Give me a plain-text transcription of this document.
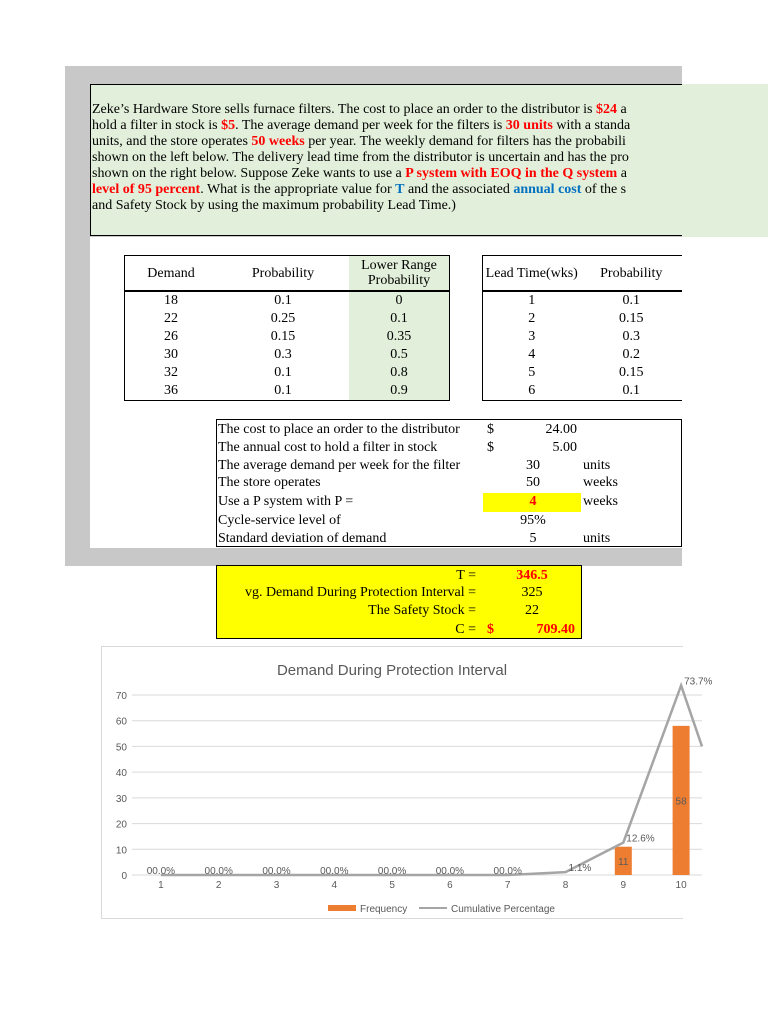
Zeke’s Hardware Store sells furnace filters. The cost to place an order to the distributor is $24 a
hold a filter in stock is $5. The average demand per week for the filters is 30 units with a standa
units, and the store operates 50 weeks per year. The weekly demand for filters has the probabili
shown on the left below. The delivery lead time from the distributor is uncertain and has the pro
shown on the right below. Suppose Zeke wants to use a P system with EOQ in the Q system a
level of 95 percent. What is the appropriate value for T and the associated annual cost of the s
and Safety Stock by using the maximum probability Lead Time.)

Demand	Probability	Lower Range Probability
18	0.1	0
22	0.25	0.1
26	0.15	0.35
30	0.3	0.5
32	0.1	0.8
36	0.1	0.9
Lead Time(wks)	Probability
1	0.1
2	0.15
3	0.3
4	0.2
5	0.15
6	0.1
The cost to place an order to the distributor	$	24.00
The annual cost to hold a filter in stock	$	5.00
The average demand per week for the filter	30	units
The store operates	50	weeks
Use a P system with P =	4	weeks
Cycle-service level of	95%
Standard deviation of demand	5	units
T =	346.5
vg. Demand During Protection Interval =	325
The Safety Stock =	22
C = $	709.40
Demand During Protection Interval
0
10
20
30
40
50
60
70
1	2	3	4	5	6	7	8	9	10
11
58
00.0%	00.0%	00.0%	00.0%	00.0%	00.0%	00.0%	1.1%
12.6%
73.7%
Frequency	Cumulative Percentage
